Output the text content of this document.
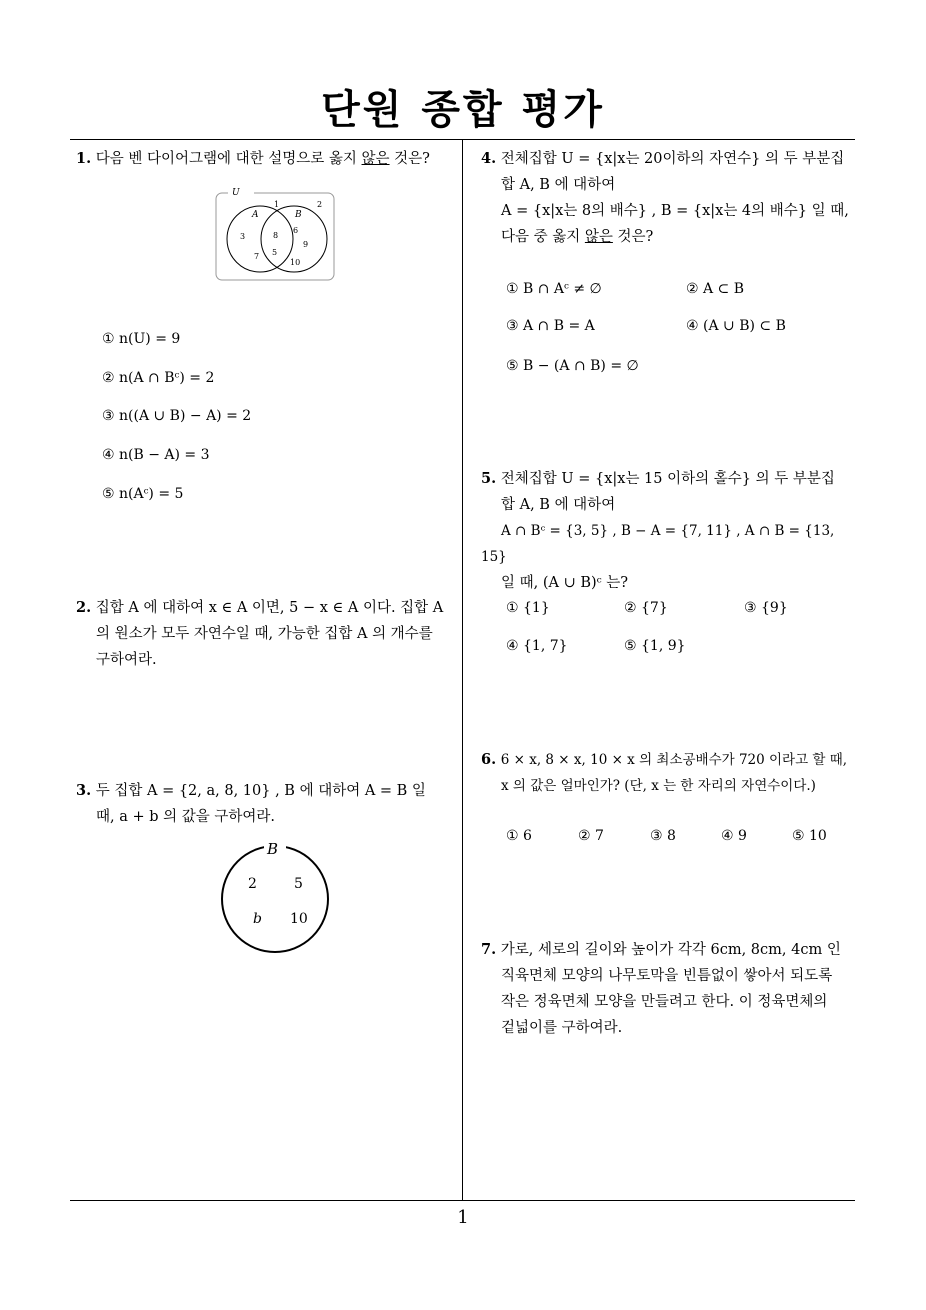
단원 종합 평가
1. 다음 벤 다이어그램에 대한 설명으로 옳지 않은 것은?
U
A	B
1	2
3	8
6
9
7 5
10
① n(U) = 9
② n(A ∩ Bᶜ) = 2
③ n((A ∪ B) − A) = 2
④ n(B − A) = 3
⑤ n(Aᶜ) = 5
2. 집합 A 에 대하여 x ∈ A 이면, 5 − x ∈ A 이다. 집합 A
의 원소가 모두 자연수일 때, 가능한 집합 A 의 개수를
구하여라.
3. 두 집합 A = {2, a, 8, 10} , B 에 대하여 A = B 일
때, a + b 의 값을 구하여라.
B
2	5
b 10
4. 전체집합 U = {x|x는 20이하의 자연수} 의 두 부분집
합 A, B 에 대하여
A = {x|x는 8의 배수} , B = {x|x는 4의 배수} 일 때,
다음 중 옳지 않은 것은?
① B ∩ Aᶜ ≠ ∅	② A ⊂ B
③ A ∩ B = A	④ (A ∪ B) ⊂ B
⑤ B − (A ∩ B) = ∅
5. 전체집합 U = {x|x는 15 이하의 홀수} 의 두 부분집
합 A, B 에 대하여
A ∩ Bᶜ = {3, 5} , B − A = {7, 11} , A ∩ B = {13, 15}
일 때, (A ∪ B)ᶜ 는?
① {1}	② {7}	③ {9}
④ {1, 7}	⑤ {1, 9}
6. 6 × x, 8 × x, 10 × x 의 최소공배수가 720 이라고 할 때,
x 의 값은 얼마인가? (단, x 는 한 자리의 자연수이다.)
① 6	② 7	③ 8	④ 9	⑤ 10
7. 가로, 세로의 길이와 높이가 각각 6cm, 8cm, 4cm 인
직육면체 모양의 나무토막을 빈틈없이 쌓아서 되도록
작은 정육면체 모양을 만들려고 한다. 이 정육면체의
겉넓이를 구하여라.
1
